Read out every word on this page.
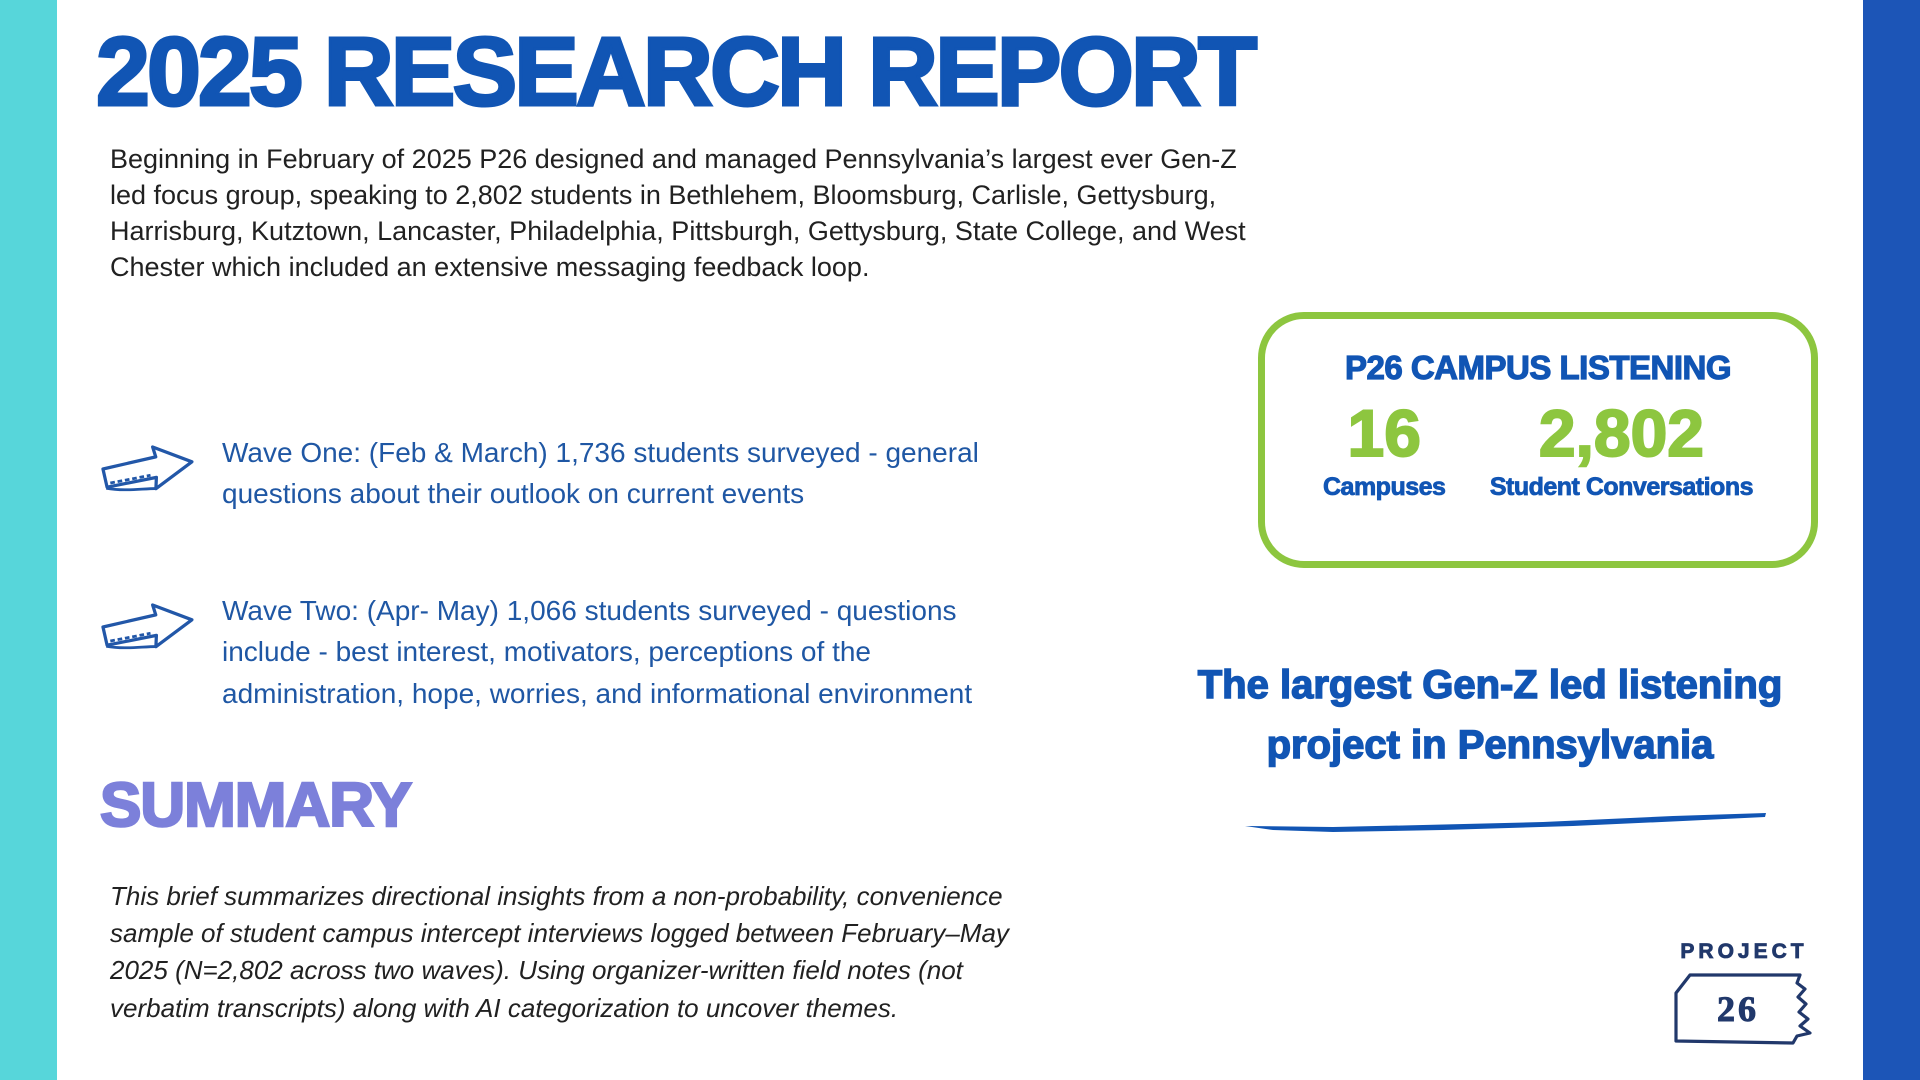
2025 RESEARCH REPORT

Beginning in February of 2025 P26 designed and managed Pennsylvania’s largest ever Gen-Z led focus group, speaking to 2,802 students in Bethlehem, Bloomsburg, Carlisle, Gettysburg, Harrisburg, Kutztown, Lancaster, Philadelphia, Pittsburgh, Gettysburg, State College, and West Chester which included an extensive messaging feedback loop.

Wave One: (Feb & March) 1,736 students surveyed - general questions about their outlook on current events
Wave Two: (Apr- May) 1,066 students surveyed - questions include - best interest, motivators, perceptions of the administration, hope, worries, and informational environment
SUMMARY

This brief summarizes directional insights from a non-probability, convenience sample of student campus intercept interviews logged between February–May 2025 (N=2,802 across two waves). Using organizer-written field notes (not verbatim transcripts) along with AI categorization to uncover themes.

P26 CAMPUS LISTENING
16
Campuses
2,802
Student Conversations
The largest Gen-Z led listening
project in Pennsylvania
PROJECT
26
